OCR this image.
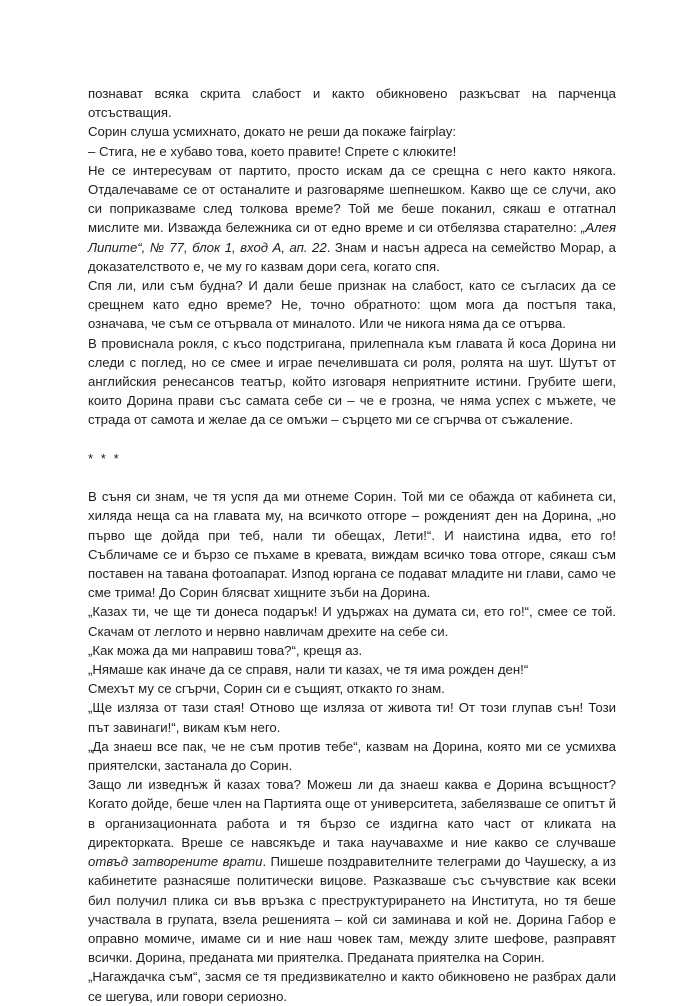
познават всяка скрита слабост и както обикновено разкъсват на парченца отсъстващия.

Сорин слуша усмихнато, докато не реши да покаже fairplay:

– Стига, не е хубаво това, което правите! Спрете с клюките!

Не се интересувам от партито, просто искам да се срещна с него както някога. Отдалечаваме се от останалите и разговаряме шепнешком. Какво ще се случи, ако си поприказваме след толкова време? Той ме беше поканил, сякаш е отгатнал мислите ми. Изважда бележника си от едно време и си отбелязва старателно: „Алея Липите“, № 77, блок 1, вход А, ап. 22. Знам и насън адреса на семейство Морар, а доказателството е, че му го казвам дори сега, когато спя.

Спя ли, или съм будна? И дали беше признак на слабост, като се съгласих да се срещнем като едно време? Не, точно обратното: щом мога да постъпя така, означава, че съм се отървала от миналото. Или че никога няма да се отърва.

В провиснала рокля, с късо подстригана, прилепнала към главата й коса Дорина ни следи с поглед, но се смее и играе печелившата си роля, ролята на шут. Шутът от английския ренесансов театър, който изговаря неприятните истини. Грубите шеги, които Дорина прави със самата себе си – че е грозна, че няма успех с мъжете, че страда от самота и желае да се омъжи – сърцето ми се сгърчва от съжаление.

* * *

В съня си знам, че тя успя да ми отнеме Сорин. Той ми се обажда от кабинета си, хиляда неща са на главата му, на всичкото отгоре – рожденият ден на Дорина, „но първо ще дойда при теб, нали ти обещах, Лети!“. И наистина идва, ето го! Събличаме се и бързо се пъхаме в кревата, виждам всичко това отгоре, сякаш съм поставен на тавана фотоапарат. Изпод юргана се подават младите ни глави, само че сме трима! До Сорин блясват хищните зъби на Дорина.

„Казах ти, че ще ти донеса подарък! И удържах на думата си, ето го!“, смее се той. Скачам от леглото и нервно навличам дрехите на себе си.

„Как можа да ми направиш това?“, крещя аз.

„Нямаше как иначе да се справя, нали ти казах, че тя има рожден ден!“

Смехът му се сгърчи, Сорин си е същият, откакто го знам.

„Ще изляза от тази стая! Отново ще изляза от живота ти! От този глупав сън! Този път завинаги!“, викам към него.

„Да знаеш все пак, че не съм против тебе“, казвам на Дорина, която ми се усмихва приятелски, застанала до Сорин.

Защо ли изведнъж й казах това? Можеш ли да знаеш каква е Дорина всъщност? Когато дойде, беше член на Партията още от университета, забелязваше се опитът й в организационната работа и тя бързо се издигна като част от кликата на директорката. Вреше се навсякъде и така научавахме и ние какво се случваше отвъд затворените врати. Пишеше поздравителните телеграми до Чаушеску, а из кабинетите разнасяше политически вицове. Разказваше със съчувствие как всеки бил получил плика си във връзка с преструктурирането на Института, но тя беше участвала в групата, взела решенията – кой си заминава и кой не. Дорина Габор е оправно момиче, имаме си и ние наш човек там, между злите шефове, разправят всички. Дорина, преданата ми приятелка. Преданата приятелка на Сорин.

„Нагаждачка съм“, засмя се тя предизвикателно и както обикновено не разбрах дали се шегува, или говори сериозно.
